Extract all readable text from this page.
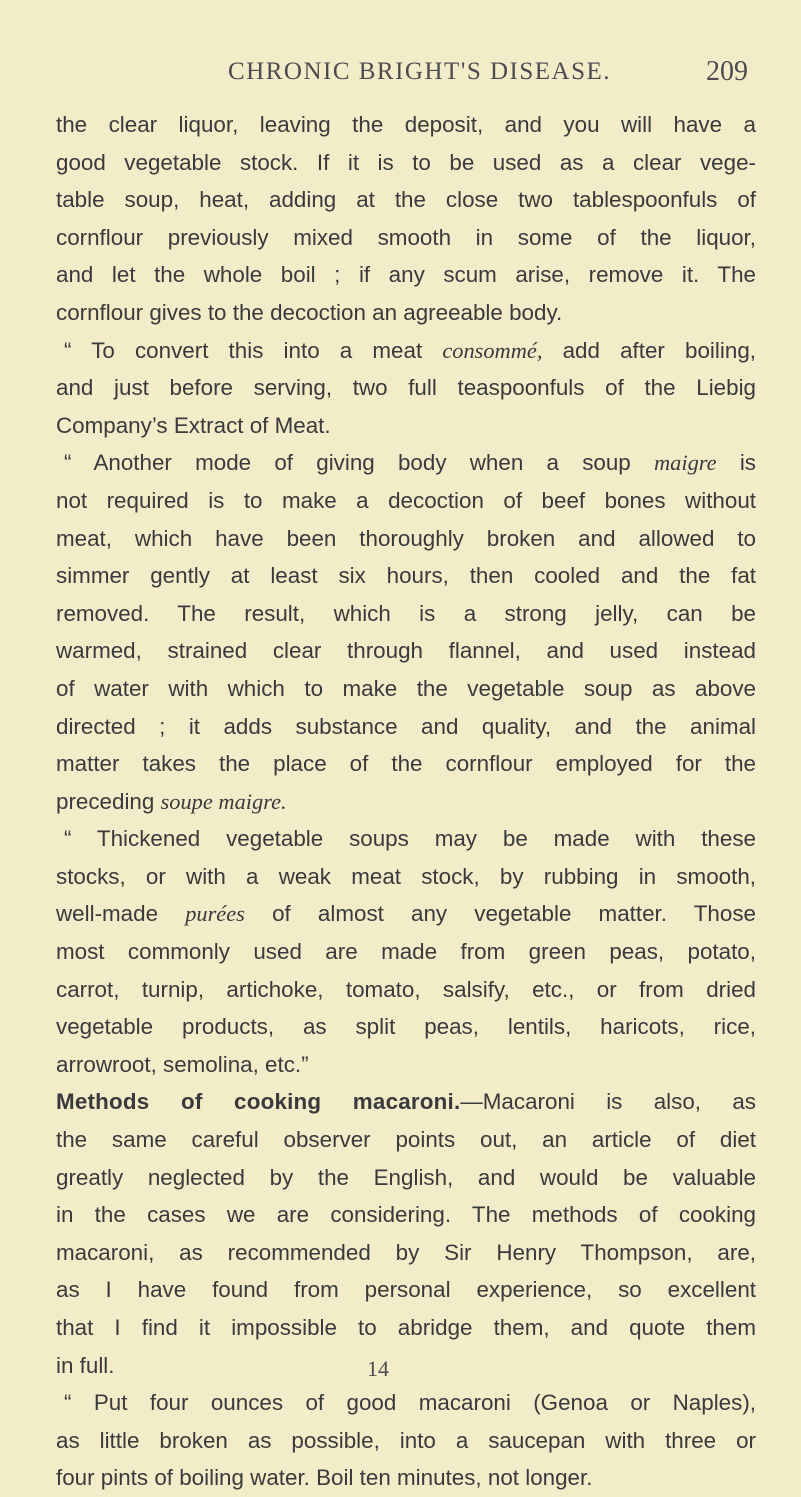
CHRONIC BRIGHT'S DISEASE.	209
the clear liquor, leaving the deposit, and you will have a
good vegetable stock. If it is to be used as a clear vege-
table soup, heat, adding at the close two tablespoonfuls of
cornflour previously mixed smooth in some of the liquor,
and let the whole boil ; if any scum arise, remove it. The
cornflour gives to the decoction an agreeable body.
“ To convert this into a meat consommé, add after boiling,
and just before serving, two full teaspoonfuls of the Liebig
Company’s Extract of Meat.
“ Another mode of giving body when a soup maigre is
not required is to make a decoction of beef bones without
meat, which have been thoroughly broken and allowed to
simmer gently at least six hours, then cooled and the fat
removed. The result, which is a strong jelly, can be
warmed, strained clear through flannel, and used instead
of water with which to make the vegetable soup as above
directed ; it adds substance and quality, and the animal
matter takes the place of the cornflour employed for the
preceding soupe maigre.
“ Thickened vegetable soups may be made with these
stocks, or with a weak meat stock, by rubbing in smooth,
well-made purées of almost any vegetable matter. Those
most commonly used are made from green peas, potato,
carrot, turnip, artichoke, tomato, salsify, etc., or from dried
vegetable products, as split peas, lentils, haricots, rice,
arrowroot, semolina, etc.”
Methods of cooking macaroni.—Macaroni is also, as
the same careful observer points out, an article of diet
greatly neglected by the English, and would be valuable
in the cases we are considering. The methods of cooking
macaroni, as recommended by Sir Henry Thompson, are,
as I have found from personal experience, so excellent
that I find it impossible to abridge them, and quote them
in full.
“ Put four ounces of good macaroni (Genoa or Naples),
as little broken as possible, into a saucepan with three or
four pints of boiling water. Boil ten minutes, not longer.
14
